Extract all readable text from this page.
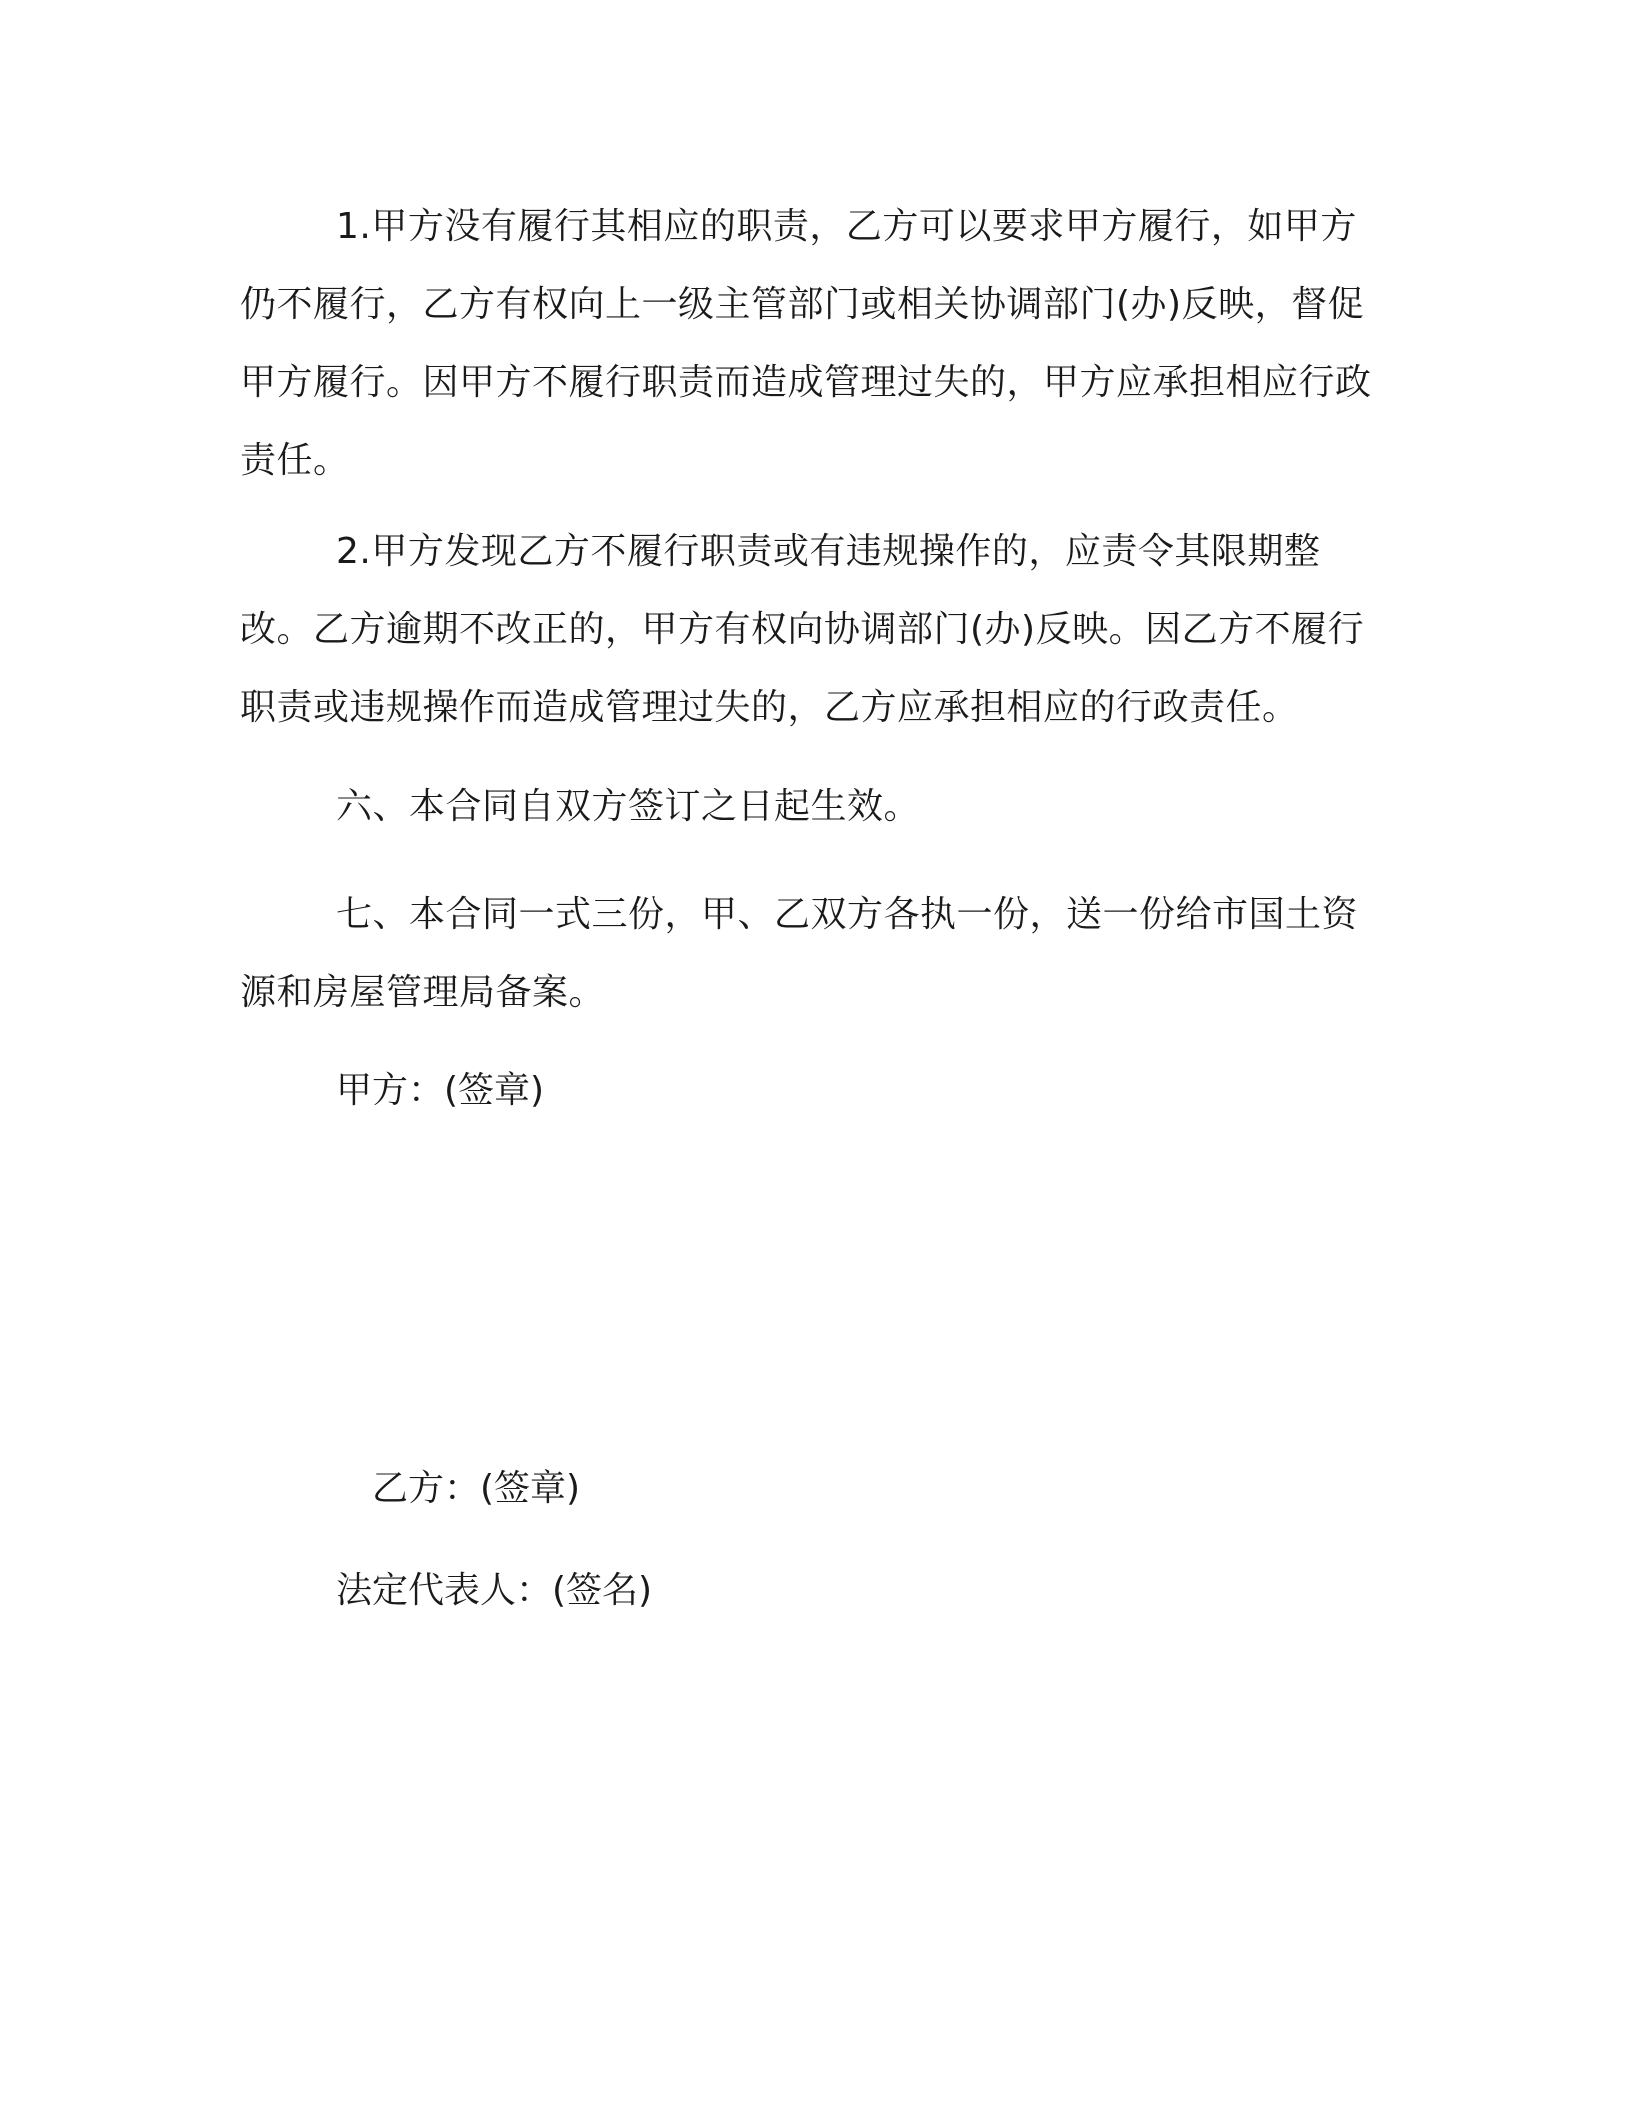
1.甲方没有履行其相应的职责，乙方可以要求甲方履行，如甲方仍不履行，乙方有权向上一级主管部门或相关协调部门(办)反映，督促甲方履行。因甲方不履行职责而造成管理过失的，甲方应承担相应行政责任。

2.甲方发现乙方不履行职责或有违规操作的，应责令其限期整改。乙方逾期不改正的，甲方有权向协调部门(办)反映。因乙方不履行职责或违规操作而造成管理过失的，乙方应承担相应的行政责任。

六、本合同自双方签订之日起生效。

七、本合同一式三份，甲、乙双方各执一份，送一份给市国土资源和房屋管理局备案。

甲方：(签章)

乙方：(签章)

法定代表人：(签名)
